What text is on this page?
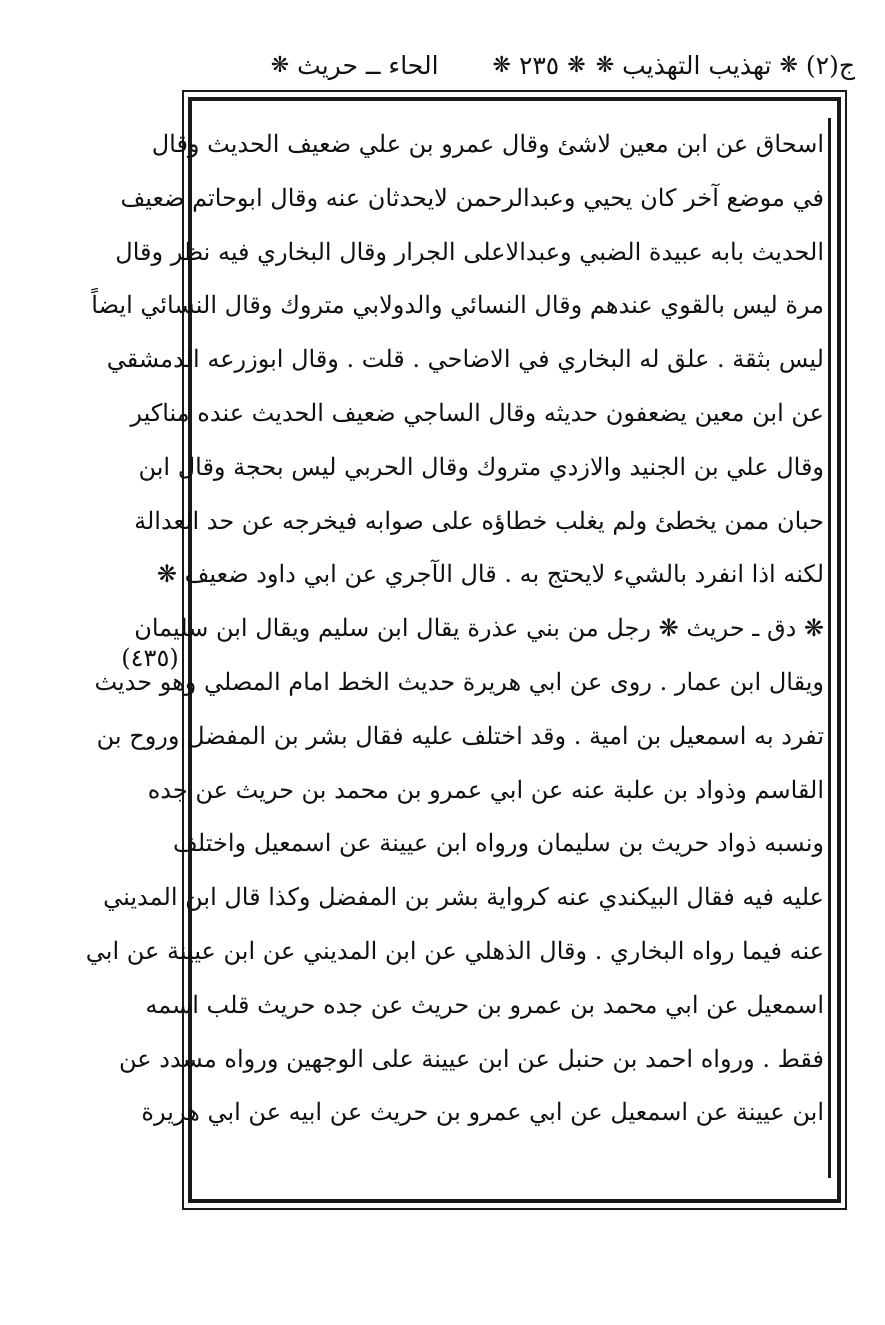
ج(٢)
❋
تهذيب التهذيب
❋
❋
٢٣٥
❋
الحاء ــ حريث
❋
اسحاق عن ابن معين لاشئ وقال عمرو بن علي ضعيف الحديث وقال
في موضع آخر كان يحيي وعبدالرحمن لايحدثان عنه وقال ابوحاتم ضعيف
الحديث بابه عبيدة الضبي وعبدالاعلى الجرار وقال البخاري فيه نظر وقال
مرة ليس بالقوي عندهم وقال النسائي والدولابي متروك وقال النسائي ايضاً
ليس بثقة . علق له البخاري في الاضاحي . قلت . وقال ابوزرعه الدمشقي
عن ابن معين يضعفون حديثه وقال الساجي ضعيف الحديث عنده مناكير
وقال علي بن الجنيد والازدي متروك وقال الحربي ليس بحجة وقال ابن
حبان ممن يخطئ ولم يغلب خطاؤه على صوابه فيخرجه عن حد العدالة
لكنه اذا انفرد بالشيء لايحتج به . قال الآجري عن ابي داود ضعيف ❋
❋ دق ـ حريث ❋ رجل من بني عذرة يقال ابن سليم ويقال ابن سليمان
ويقال ابن عمار . روى عن ابي هريرة حديث الخط امام المصلي وهو حديث
تفرد به اسمعيل بن امية . وقد اختلف عليه فقال بشر بن المفضل وروح بن
القاسم وذواد بن علبة عنه عن ابي عمرو بن محمد بن حريث عن جده
ونسبه ذواد حريث بن سليمان ورواه ابن عيينة عن اسمعيل واختلف
عليه فيه فقال البيكندي عنه كرواية بشر بن المفضل وكذا قال ابن المديني
عنه فيما رواه البخاري . وقال الذهلي عن ابن المديني عن ابن عيينة عن ابي
اسمعيل عن ابي محمد بن عمرو بن حريث عن جده حريث قلب اسمه
فقط . ورواه احمد بن حنبل عن ابن عيينة على الوجهين ورواه مسدد عن
ابن عيينة عن اسمعيل عن ابي عمرو بن حريث عن ابيه عن ابي هريرة
(٤٣٥)
